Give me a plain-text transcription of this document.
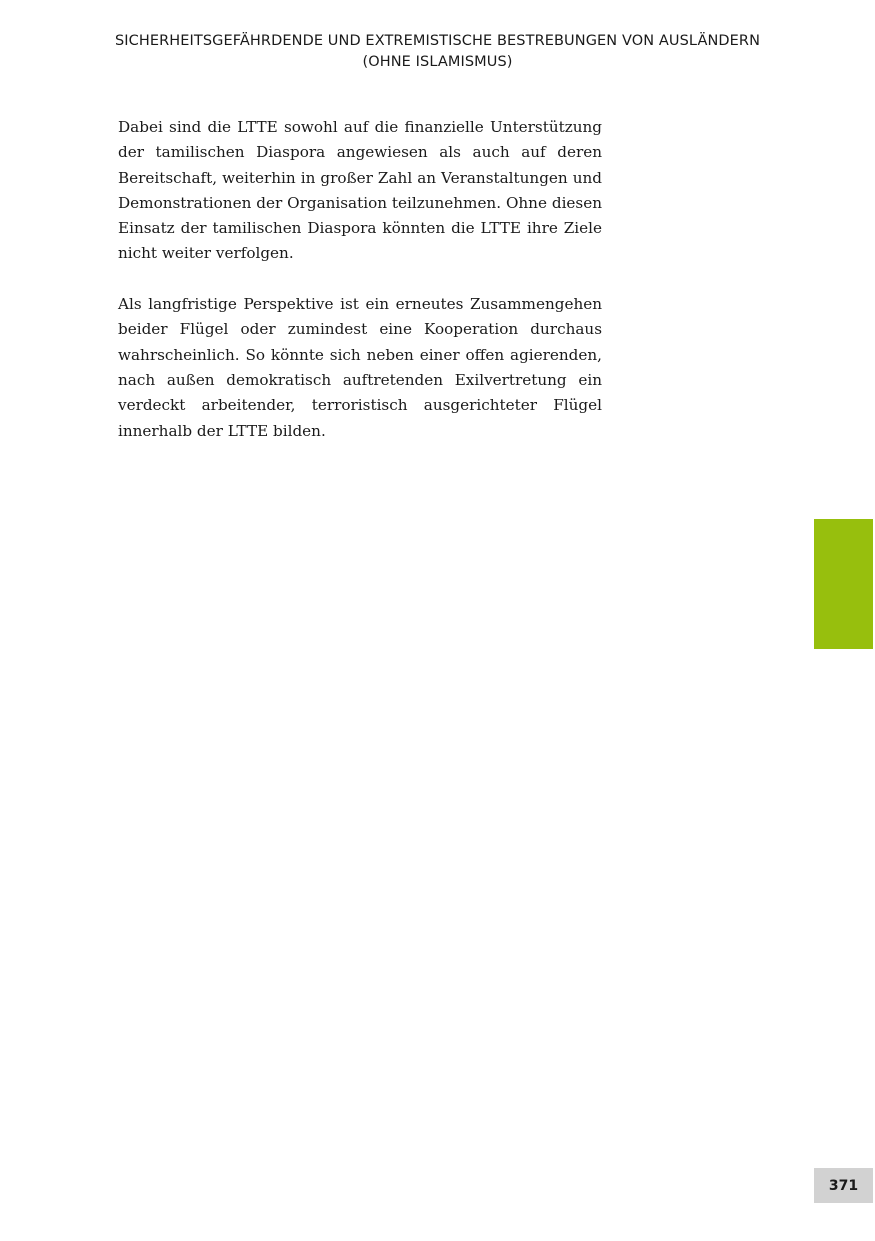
SICHERHEITSGEFÄHRDENDE UND EXTREMISTISCHE BESTREBUNGEN VON AUSLÄNDERN
(OHNE ISLAMISMUS)

Dabei sind die LTTE sowohl auf die finanzielle Unterstützung der tamilischen Diaspora angewiesen als auch auf deren Bereitschaft, weiterhin in großer Zahl an Veranstaltungen und Demonstrationen der Organisation teilzunehmen. Ohne diesen Einsatz der tamilischen Diaspora könnten die LTTE ihre Ziele nicht weiter verfolgen.

Als langfristige Perspektive ist ein erneutes Zusammengehen beider Flügel oder zumindest eine Kooperation durchaus wahrscheinlich. So könnte sich neben einer offen agierenden, nach außen demokratisch auftretenden Exilvertretung ein verdeckt arbeitender, terroristisch ausgerichteter Flügel innerhalb der LTTE bilden.

371
